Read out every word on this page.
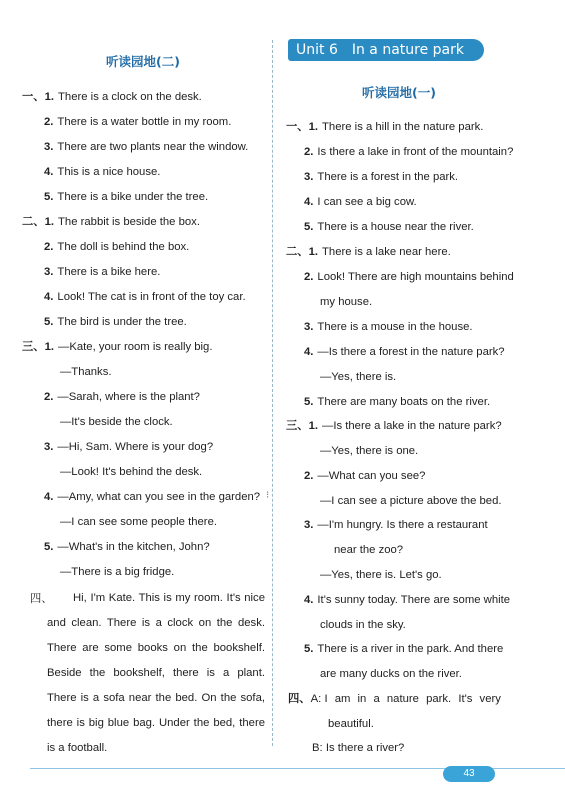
听读园地(二)
一、1. There is a clock on the desk.
2. There is a water bottle in my room.
3. There are two plants near the window.
4. This is a nice house.
5. There is a bike under the tree.
二、1. The rabbit is beside the box.
2. The doll is behind the box.
3. There is a bike here.
4. Look! The cat is in front of the toy car.
5. The bird is under the tree.
三、1. —Kate, your room is really big.
—Thanks.
2. —Sarah, where is the plant?
—It's beside the clock.
3. —Hi, Sam. Where is your dog?
—Look! It's behind the desk.
4. —Amy, what can you see in the garden?
—I can see some people there.
5. —What's in the kitchen, John?
—There is a big fridge.
四、	Hi, I'm Kate. This is my room. It's nice and clean. There is a clock on the desk. There are some books on the bookshelf. Beside the bookshelf, there is a plant. There is a sofa near the bed. On the sofa, there is big blue bag. Under the bed, there is a football.
Unit 6 In a nature park
听读园地(一)
一、1. There is a hill in the nature park.
2. Is there a lake in front of the mountain?
3. There is a forest in the park.
4. I can see a big cow.
5. There is a house near the river.
二、1. There is a lake near here.
2. Look! There are high mountains behind
my house.
3. There is a mouse in the house.
4. —Is there a forest in the nature park?
—Yes, there is.
5. There are many boats on the river.
三、1. —Is there a lake in the nature park?
—Yes, there is one.
2. —What can you see?
—I can see a picture above the bed.
3. —I'm hungry. Is there a restaurant
near the zoo?
—Yes, there is. Let's go.
4. It's sunny today. There are some white
clouds in the sky.
5. There is a river in the park. And there
are many ducks on the river.
四、A: I am in a nature park. It's very
beautiful.
B: Is there a river?
⁝
43
